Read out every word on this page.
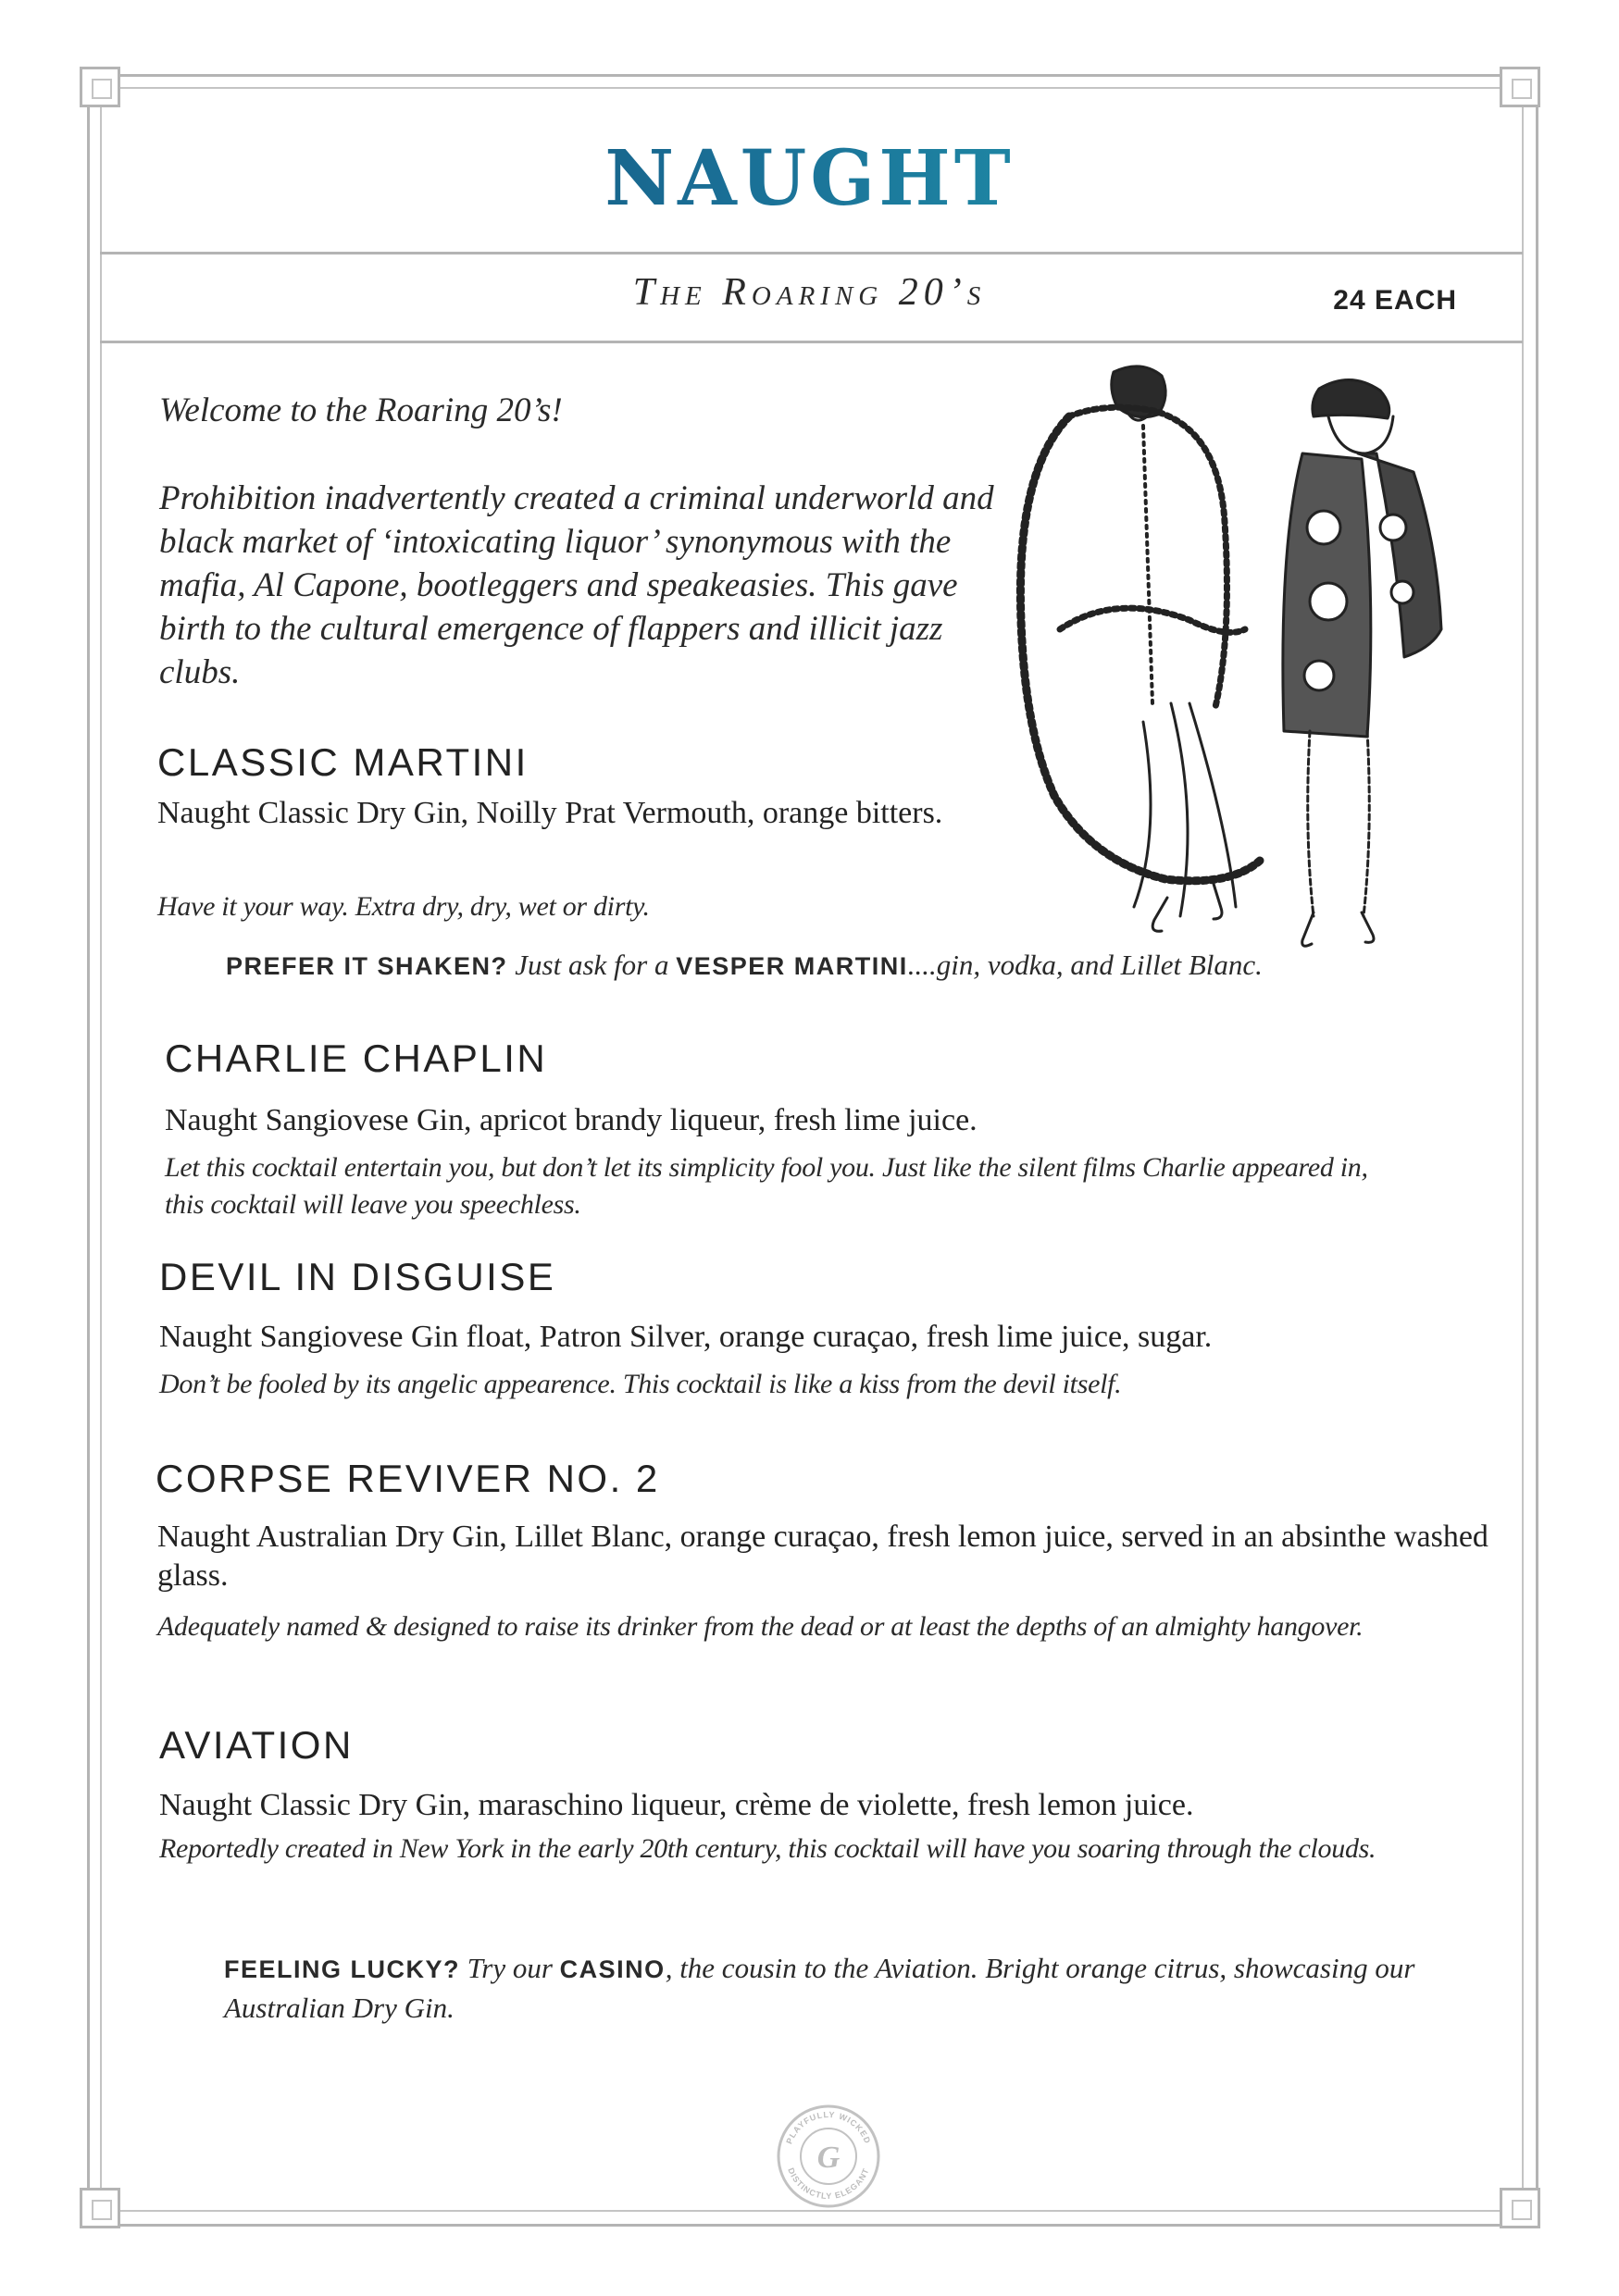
NAUGHT
The Roaring 20’s	24 EACH

Welcome to the Roaring 20’s!

Prohibition inadvertently created a criminal underworld and black market of ‘intoxicating liquor’ synonymous with the mafia, Al Capone, bootleggers and speakeasies. This gave birth to the cultural emergence of flappers and illicit jazz clubs.

CLASSIC MARTINI

Naught Classic Dry Gin, Noilly Prat Vermouth, orange bitters.

Have it your way. Extra dry, dry, wet or dirty.

PREFER IT SHAKEN? Just ask for a VESPER MARTINI....gin, vodka, and Lillet Blanc.
CHARLIE CHAPLIN

Naught Sangiovese Gin, apricot brandy liqueur, fresh lime juice.

Let this cocktail entertain you, but don’t let its simplicity fool you. Just like the silent films Charlie appeared in, this cocktail will leave you speechless.

DEVIL IN DISGUISE

Naught Sangiovese Gin float, Patron Silver, orange curaçao, fresh lime juice, sugar.

Don’t be fooled by its angelic appearence. This cocktail is like a kiss from the devil itself.

CORPSE REVIVER NO. 2

Naught Australian Dry Gin, Lillet Blanc, orange curaçao, fresh lemon juice, served in an absinthe washed glass.

Adequately named & designed to raise its drinker from the dead or at least the depths of an almighty hangover.

AVIATION

Naught Classic Dry Gin, maraschino liqueur, crème de violette, fresh lemon juice.

Reportedly created in New York in the early 20th century, this cocktail will have you soaring through the clouds.

FEELING LUCKY? Try our CASINO, the cousin to the Aviation. Bright orange citrus, showcasing our Australian Dry Gin.
PLAYFULLY WICKED
DISTINCTLY ELEGANT
G
